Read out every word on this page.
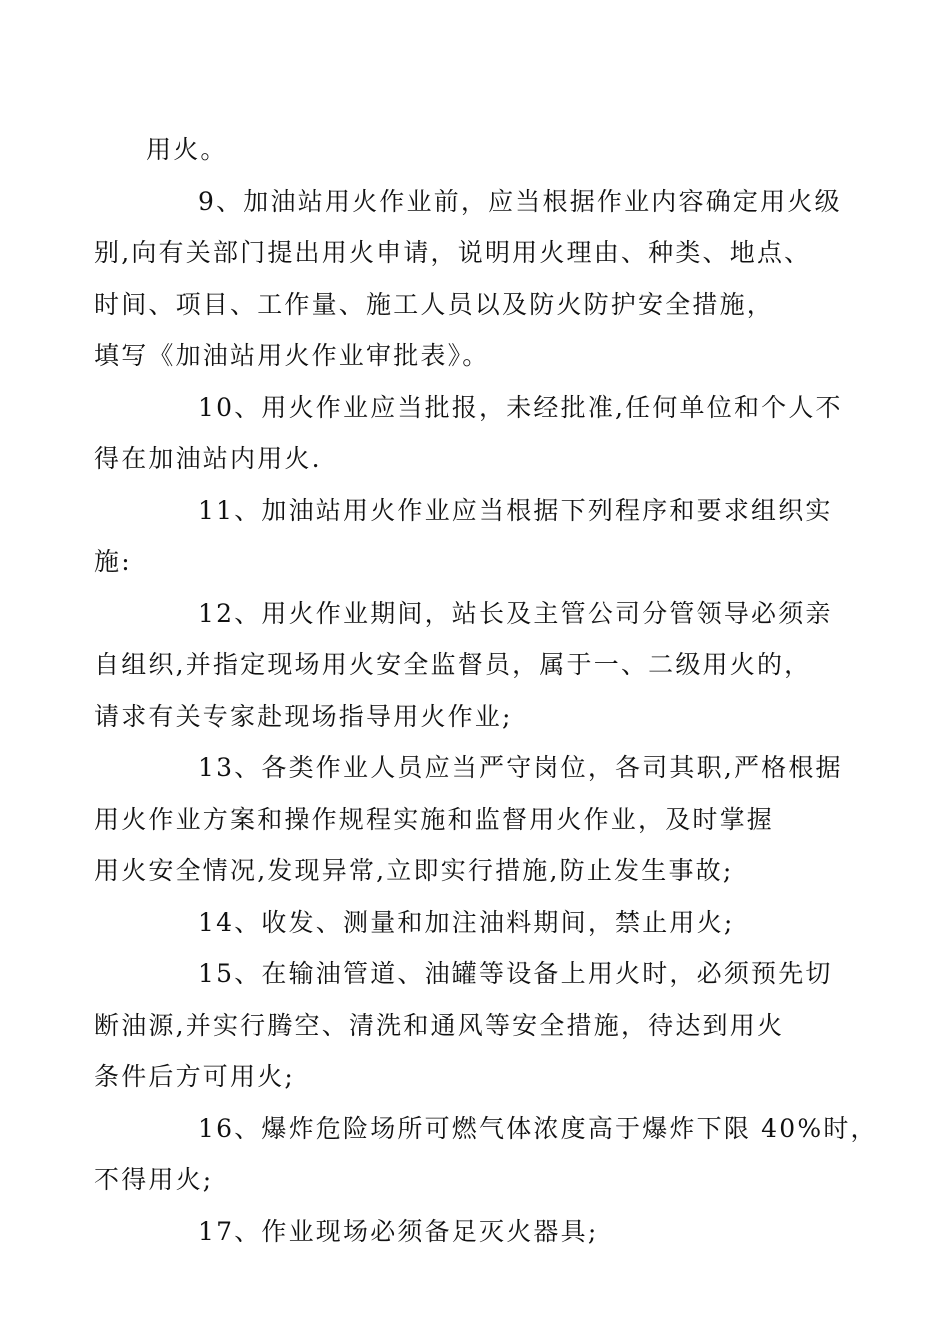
用火。

9、加油站用火作业前，应当根据作业内容确定用火级
别,向有关部门提出用火申请，说明用火理由、种类、地点、
时间、项目、工作量、施工人员以及防火防护安全措施，
填写《加油站用火作业审批表》。

10、用火作业应当批报，未经批准,任何单位和个人不
得在加油站内用火.

11、加油站用火作业应当根据下列程序和要求组织实
施:

12、用火作业期间，站长及主管公司分管领导必须亲
自组织,并指定现场用火安全监督员，属于一、二级用火的，
请求有关专家赴现场指导用火作业;

13、各类作业人员应当严守岗位，各司其职,严格根据
用火作业方案和操作规程实施和监督用火作业，及时掌握
用火安全情况,发现异常,立即实行措施,防止发生事故;

14、收发、测量和加注油料期间，禁止用火;

15、在输油管道、油罐等设备上用火时，必须预先切
断油源,并实行腾空、清洗和通风等安全措施，待达到用火
条件后方可用火;

16、爆炸危险场所可燃气体浓度高于爆炸下限 40%时，
不得用火;

17、作业现场必须备足灭火器具;
